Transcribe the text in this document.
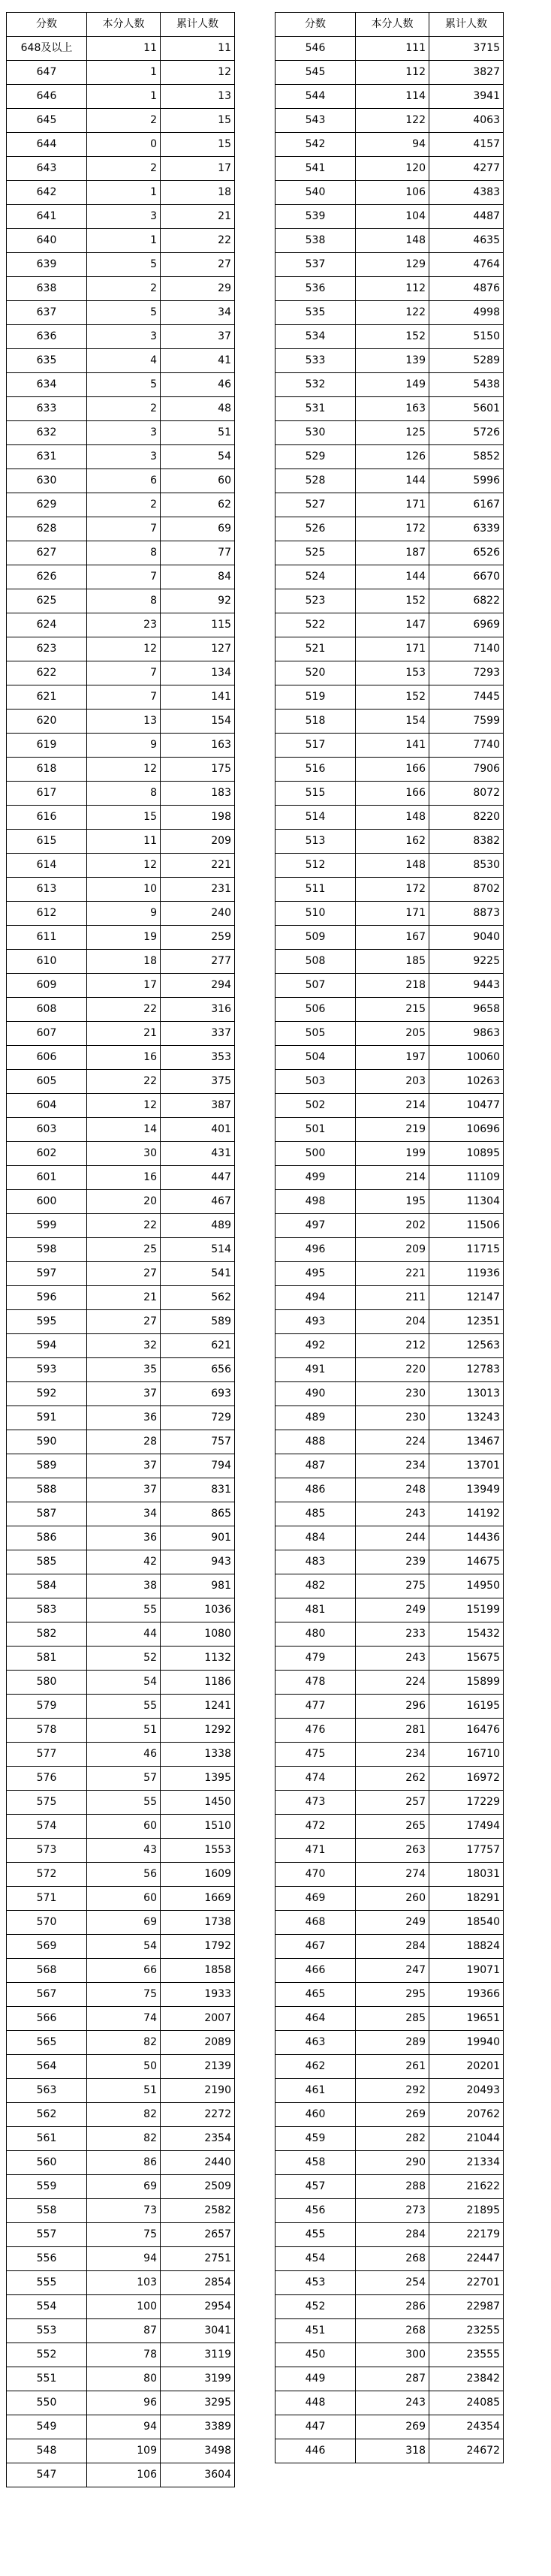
分数	本分人数	累计人数
648及以上	11	11
647	1	12
646	1	13
645	2	15
644	0	15
643	2	17
642	1	18
641	3	21
640	1	22
639	5	27
638	2	29
637	5	34
636	3	37
635	4	41
634	5	46
633	2	48
632	3	51
631	3	54
630	6	60
629	2	62
628	7	69
627	8	77
626	7	84
625	8	92
624	23	115
623	12	127
622	7	134
621	7	141
620	13	154
619	9	163
618	12	175
617	8	183
616	15	198
615	11	209
614	12	221
613	10	231
612	9	240
611	19	259
610	18	277
609	17	294
608	22	316
607	21	337
606	16	353
605	22	375
604	12	387
603	14	401
602	30	431
601	16	447
600	20	467
599	22	489
598	25	514
597	27	541
596	21	562
595	27	589
594	32	621
593	35	656
592	37	693
591	36	729
590	28	757
589	37	794
588	37	831
587	34	865
586	36	901
585	42	943
584	38	981
583	55	1036
582	44	1080
581	52	1132
580	54	1186
579	55	1241
578	51	1292
577	46	1338
576	57	1395
575	55	1450
574	60	1510
573	43	1553
572	56	1609
571	60	1669
570	69	1738
569	54	1792
568	66	1858
567	75	1933
566	74	2007
565	82	2089
564	50	2139
563	51	2190
562	82	2272
561	82	2354
560	86	2440
559	69	2509
558	73	2582
557	75	2657
556	94	2751
555	103	2854
554	100	2954
553	87	3041
552	78	3119
551	80	3199
550	96	3295
549	94	3389
548	109	3498
547	106	3604
分数	本分人数	累计人数
546	111	3715
545	112	3827
544	114	3941
543	122	4063
542	94	4157
541	120	4277
540	106	4383
539	104	4487
538	148	4635
537	129	4764
536	112	4876
535	122	4998
534	152	5150
533	139	5289
532	149	5438
531	163	5601
530	125	5726
529	126	5852
528	144	5996
527	171	6167
526	172	6339
525	187	6526
524	144	6670
523	152	6822
522	147	6969
521	171	7140
520	153	7293
519	152	7445
518	154	7599
517	141	7740
516	166	7906
515	166	8072
514	148	8220
513	162	8382
512	148	8530
511	172	8702
510	171	8873
509	167	9040
508	185	9225
507	218	9443
506	215	9658
505	205	9863
504	197	10060
503	203	10263
502	214	10477
501	219	10696
500	199	10895
499	214	11109
498	195	11304
497	202	11506
496	209	11715
495	221	11936
494	211	12147
493	204	12351
492	212	12563
491	220	12783
490	230	13013
489	230	13243
488	224	13467
487	234	13701
486	248	13949
485	243	14192
484	244	14436
483	239	14675
482	275	14950
481	249	15199
480	233	15432
479	243	15675
478	224	15899
477	296	16195
476	281	16476
475	234	16710
474	262	16972
473	257	17229
472	265	17494
471	263	17757
470	274	18031
469	260	18291
468	249	18540
467	284	18824
466	247	19071
465	295	19366
464	285	19651
463	289	19940
462	261	20201
461	292	20493
460	269	20762
459	282	21044
458	290	21334
457	288	21622
456	273	21895
455	284	22179
454	268	22447
453	254	22701
452	286	22987
451	268	23255
450	300	23555
449	287	23842
448	243	24085
447	269	24354
446	318	24672
